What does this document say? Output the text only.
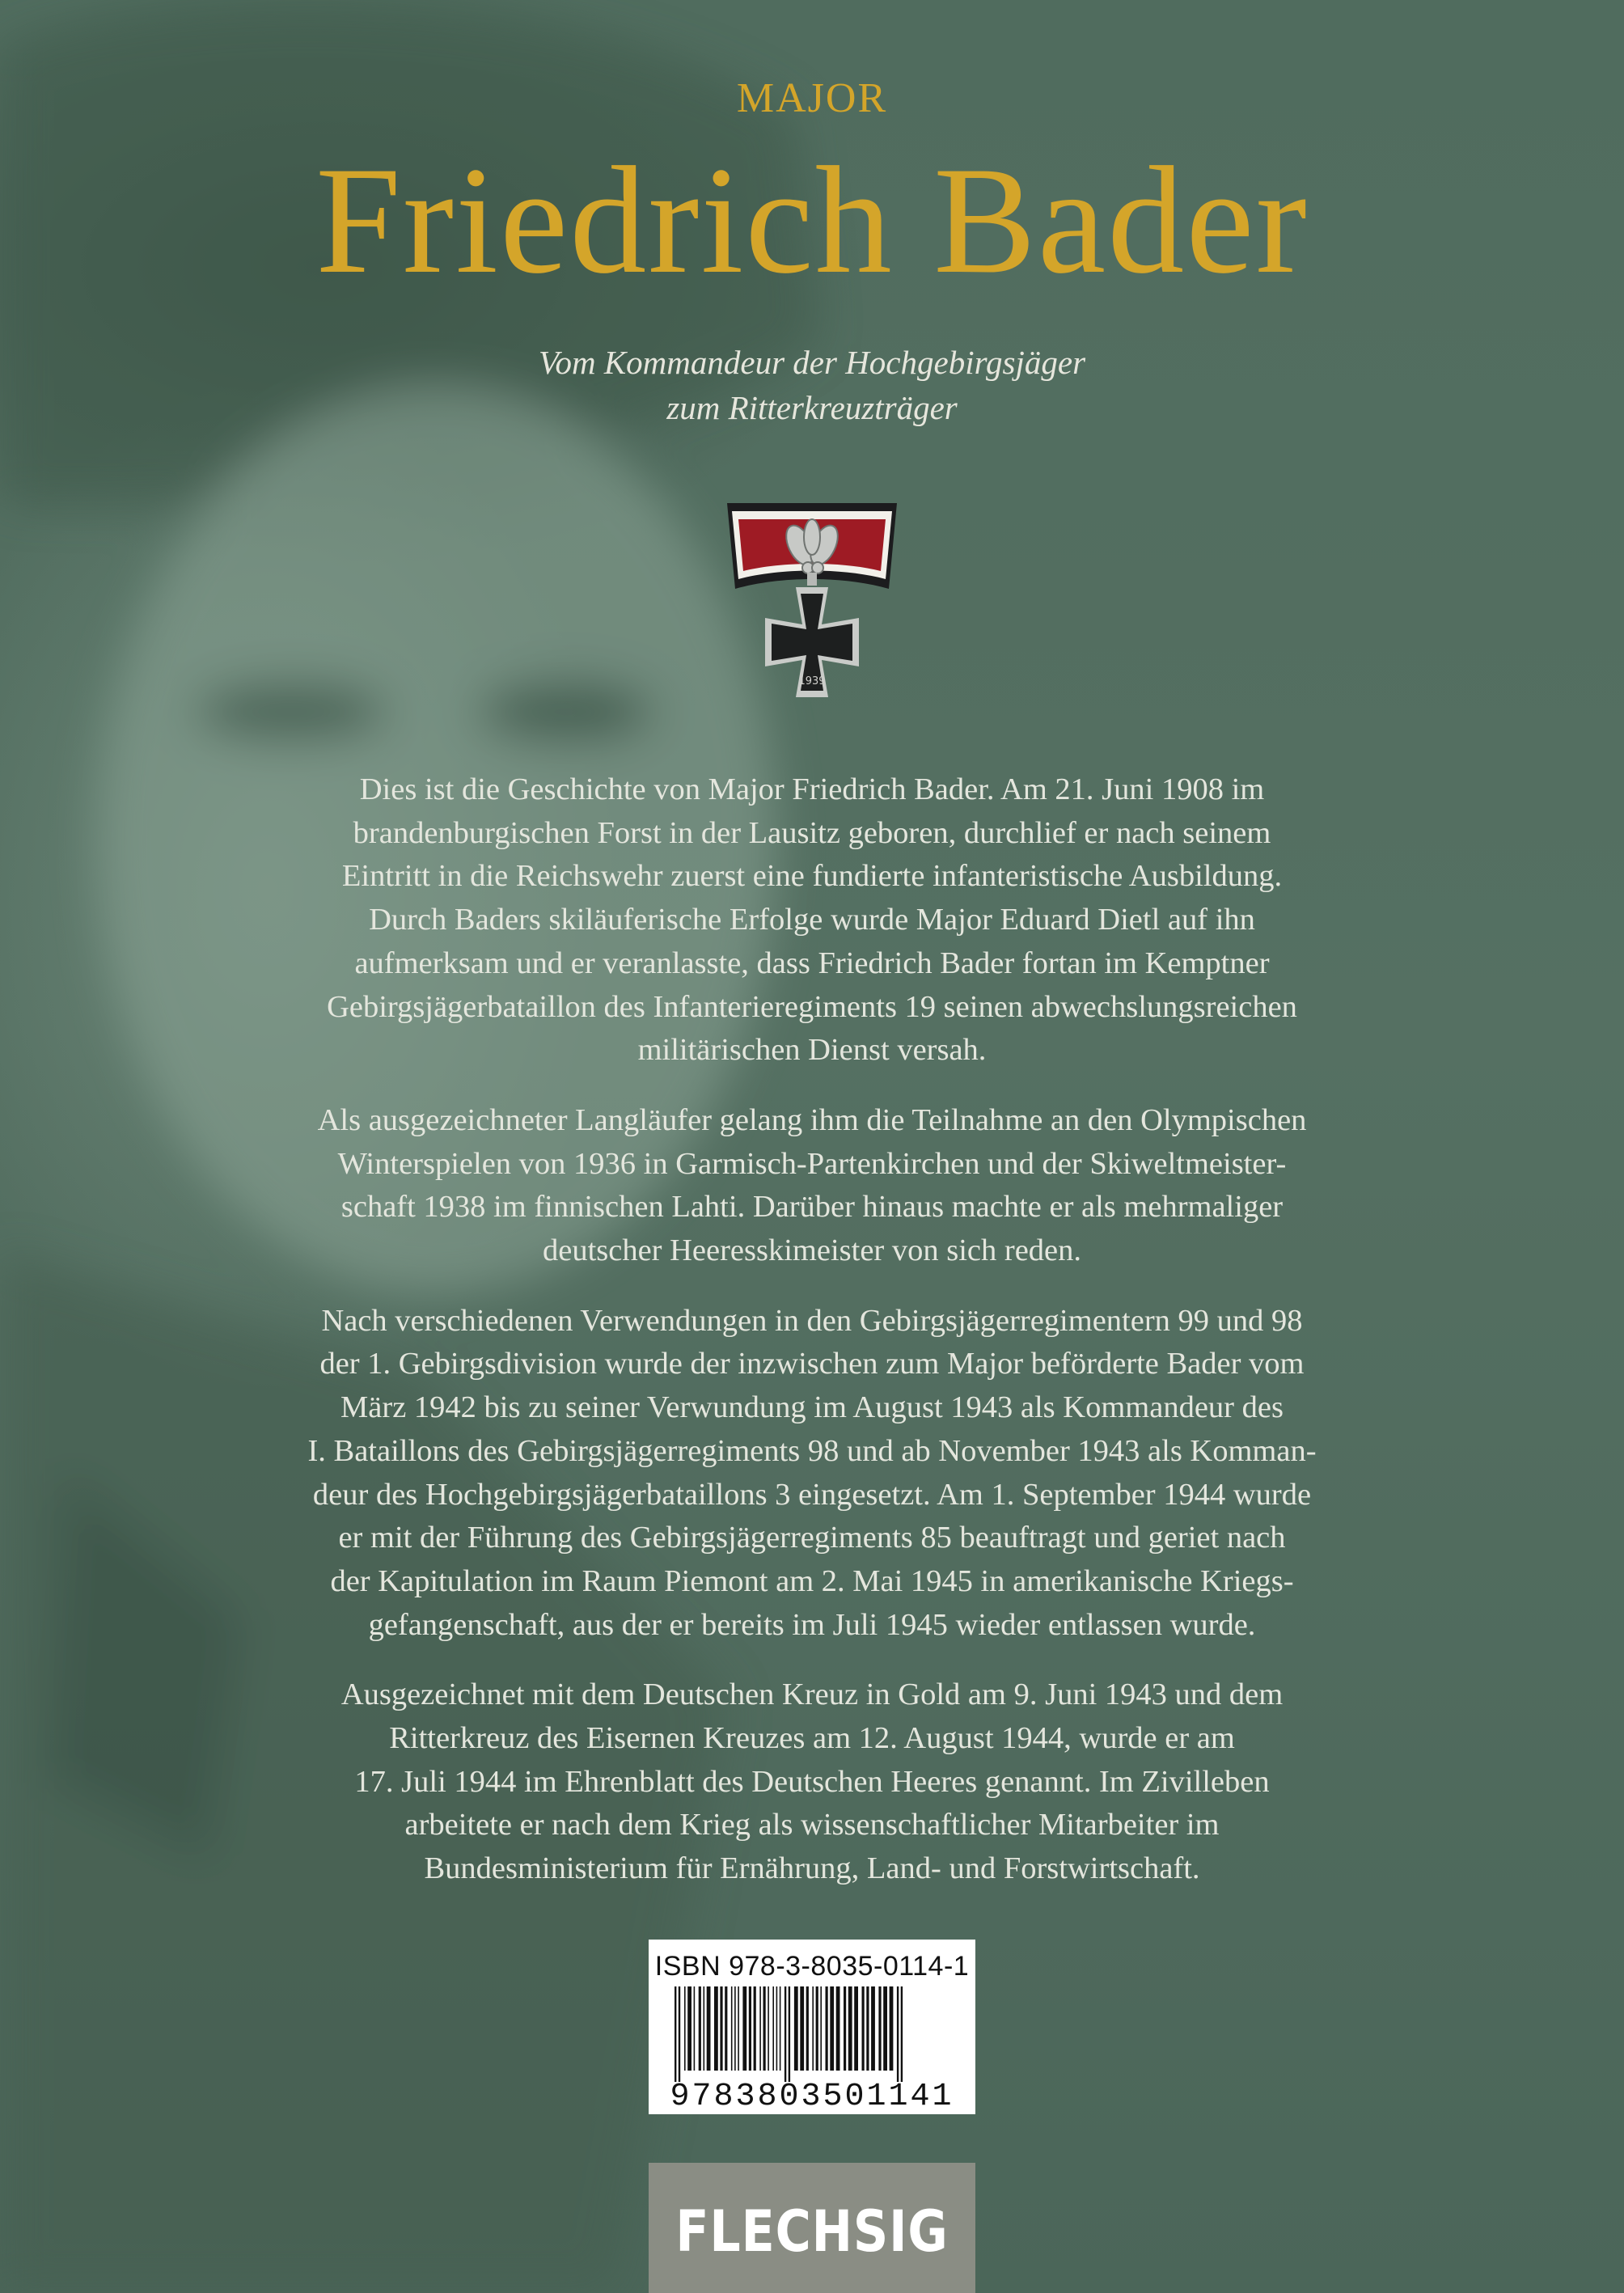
MAJOR
Friedrich Bader
Vom Kommandeur der Hochgebirgsjäger
zum Ritterkreuzträger
1939
Dies ist die Geschichte von Major Friedrich Bader. Am 21. Juni 1908 im
brandenburgischen Forst in der Lausitz geboren, durchlief er nach seinem
Eintritt in die Reichswehr zuerst eine fundierte infanteristische Ausbildung.
Durch Baders skiläuferische Erfolge wurde Major Eduard Dietl auf ihn
aufmerksam und er veranlasste, dass Friedrich Bader fortan im Kemptner
Gebirgsjägerbataillon des Infanterieregiments 19 seinen abwechslungsreichen
militärischen Dienst versah.
Als ausgezeichneter Langläufer gelang ihm die Teilnahme an den Olympischen
Winterspielen von 1936 in Garmisch-Partenkirchen und der Skiweltmeister-
schaft 1938 im finnischen Lahti. Darüber hinaus machte er als mehrmaliger
deutscher Heeresskimeister von sich reden.
Nach verschiedenen Verwendungen in den Gebirgsjägerregimentern 99 und 98
der 1. Gebirgsdivision wurde der inzwischen zum Major beförderte Bader vom
März 1942 bis zu seiner Verwundung im August 1943 als Kommandeur des
I. Bataillons des Gebirgsjägerregiments 98 und ab November 1943 als Komman-
deur des Hochgebirgsjägerbataillons 3 eingesetzt. Am 1. September 1944 wurde
er mit der Führung des Gebirgsjägerregiments 85 beauftragt und geriet nach
der Kapitulation im Raum Piemont am 2. Mai 1945 in amerikanische Kriegs-
gefangenschaft, aus der er bereits im Juli 1945 wieder entlassen wurde.
Ausgezeichnet mit dem Deutschen Kreuz in Gold am 9. Juni 1943 und dem
Ritterkreuz des Eisernen Kreuzes am 12. August 1944, wurde er am
17. Juli 1944 im Ehrenblatt des Deutschen Heeres genannt. Im Zivilleben
arbeitete er nach dem Krieg als wissenschaftlicher Mitarbeiter im
Bundesministerium für Ernährung, Land- und Forstwirtschaft.
ISBN 978-3-8035-0114-1
9783803501141
FLECHSIG
